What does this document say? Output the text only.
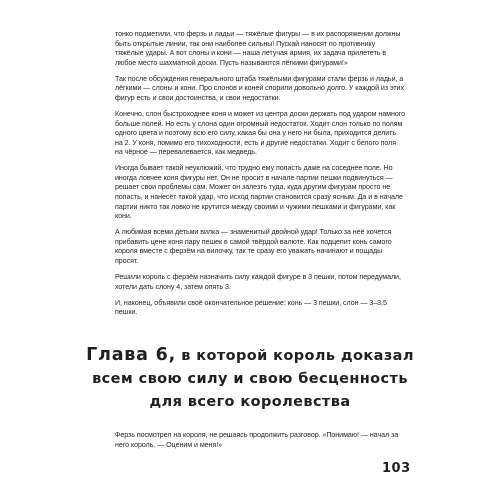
тонко подметили, что ферзь и ладьи — тяжёлые фигуры — в их распоряжении должны быть открытые линии, так они наиболее сильны! Пускай наносят по противнику тяжёлые удары. А вот слоны и кони — наша летучая армия, их задача прилететь в любое место шахматной доски. Пусть называются лёгкими фигурами!»

Так после обсуждения генерального штаба тяжёлыми фигурами стали ферзь и ладьи, а лёгкими — слоны и кони. Про слонов и коней спорили довольно долго. У каждой из этих фигур есть и свои достоинства, и свои недостатки.

Конечно, слон быстроходнее коня и может из центра доски держать под ударом намного больше полей. Но есть у слона один огромный недостаток. Ходит слон только по полям одного цвета и поэтому всю его силу, какая бы она у него ни была, приходится делить на 2. У коня, помимо его тихоходности, есть и другие недостатки. Ходит с белого поля на чёрное — перевалевается, как медведь.

Иногда бывает такой неуклюжий, что трудно ему попасть даже на соседнее поле. Но иногда ловчее коня фигуры нет. Он не просит в начале партии пешки подвинуться — решает свои проблемы сам. Может он залезть туда, куда другим фигурам просто не попасть, и нанесёт такой удар, что исход партии становится сразу ясным. Да и в начале партии никто так ловко не крутится между своими и чужими пешками и фигурами, как кони.

А любимая всеми детьми вилка — знаменитый двойной удар! Только за неё хочется прибавить цене коня пару пешек в самой твёрдой валюте. Как подцепит конь самого короля вместе с ферзём на вилочку, так те сразу его уважать начинают и пощады просят.

Решили король с ферзём назначить силу каждой фигуре в 3 пешки, потом передумали, хотели дать слону 4, затем опять 3.

И, наконец, объявили своё окончательное решение: конь — 3 пешки, слон — 3–3,5 пешки.

Глава 6, в которой король доказал
всем свою силу и свою бесценность
для всего королевства

Ферзь посмотрел на короля, не решаясь продолжить разговор. «Понимаю! — начал за него король. — Оценим и меня!»

103
